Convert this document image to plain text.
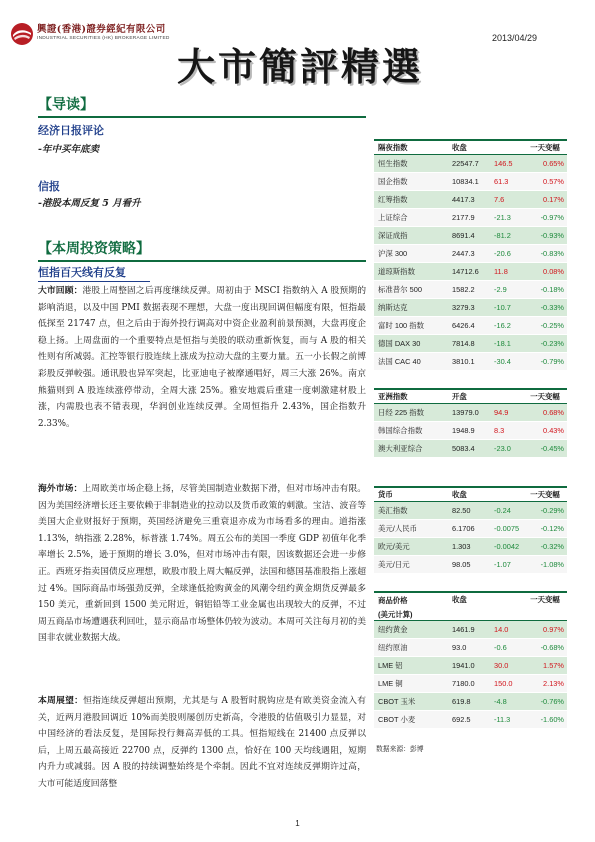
興證(香港)證券經紀有限公司
INDUSTRIAL SECURITIES (HK) BROKERAGE LIMITED	2013/04/29
大市簡評精選
【导读】
经济日报评论
-年中买年底卖
信报
-港股本周反复 5 月看升
【本周投资策略】
恒指百天线有反复
大市回顾：港股上周整固之后再度继续反弹。周初由于 MSCI 指数纳入 A 股预期的影响消退，以及中国 PMI 数据表现不理想，大盘一度出现回调但幅度有限，恒指最低探至 21747 点，但之后由于海外投行调高对中资企业盈利前景预测，大盘再度企稳上扬。上周盘面的一个重要特点是恒指与美股的联动重新恢复，而与 A 股的相关性则有所减弱。汇控等银行股连续上涨成为拉动大盘的主要力量。五一小长假之前博彩股反弹較强。通讯股也异军突起，比亚迪电子被摩通唱好，周三大涨 26%。南京熊猫则到 A 股连续涨停带动，全周大涨 25%。雅安地震后重建一度刺激建材股上涨，内需股也表不错表现，华润创业连续反弹。全周恒指升 2.43%，国企指数升 2.33%。
海外市场：上周欧美市场企稳上扬，尽管美国制造业数据下滑，但对市场冲击有限。因为美国经济增长还主要依赖于非制造业的拉动以及货币政策的刺激。宝洁、波音等美国大企业财报好于预期，英国经济避免三重衰退亦成为市场看多的理由。道指涨 1.13%，纳指涨 2.28%，标普涨 1.74%。周五公布的美国一季度 GDP 初值年化季率增长 2.5%，逊于预期的增长 3.0%，但对市场冲击有限，因该数据还会进一步修正。西班牙指卖国债反应理想，欧股市股上周大幅反弹，法国和德国基准股指上涨超过 4%。国际商品市场强劲反弹，全球逢低抢购黄金的风潮令纽约黄金期货反弹最多 150 美元，重新回到 1500 美元附近，铜铝铅等工业金属也出现较大的反弹，不过周五商品市场遭遇获利回吐，显示商品市场整体仍较为波动。本周可关注每月初的美国非农就业数据大战。
本周展望：恒指连续反弹超出预期，尤其是与 A 股暂时脱钩应是有欧美资金流入有关，近两月港股回调近 10%而美股则屡创历史新高，令港股的估值吸引力显显，对中国经济的看法反复，是国际投行舞高弄低的工具。恒指短线在 21400 点反弹以后，上周五最高接近 22700 点，反弹约 1300 点，恰好在 100 天均线遇阻，短期内升力或减弱。因 A 股的持续调整始终是个牵制。因此不宜对连续反弹期许过高，大市可能适度回落整
隔夜指数	收盘	一天变幅
恒生指数	22547.7	146.5	0.65%
国企指数	10834.1	61.3	0.57%
红筹指数	4417.3	7.6	0.17%
上证综合	2177.9	-21.3	-0.97%
深证成指	8691.4	-81.2	-0.93%
沪深 300	2447.3	-20.6	-0.83%
道琼斯指数	14712.6	11.8	0.08%
标准普尔 500	1582.2	-2.9	-0.18%
纳斯达克	3279.3	-10.7	-0.33%
富时 100 指数	6426.4	-16.2	-0.25%
德国 DAX 30	7814.8	-18.1	-0.23%
法国 CAC 40	3810.1	-30.4	-0.79%
亚洲指数	开盘	一天变幅
日经 225 指数	13979.0	94.9	0.68%
韩国综合指数	1948.9	8.3	0.43%
澳大利亚综合	5083.4	-23.0	-0.45%
货币	收盘	一天变幅
美汇指数	82.50	-0.24	-0.29%
美元/人民币	6.1706	-0.0075	-0.12%
欧元/美元	1.303	-0.0042	-0.32%
美元/日元	98.05	-1.07	-1.08%
商品价格
(美元计算)
收盘	一天变幅
纽约黄金	1461.9	14.0	0.97%
纽约原油	93.0	-0.6	-0.68%
LME 铝	1941.0	30.0	1.57%
LME 铜	7180.0	150.0	2.13%
CBOT 玉米	619.8	-4.8	-0.76%
CBOT 小麦	692.5	-11.3	-1.60%
数据来源：彭博
1
